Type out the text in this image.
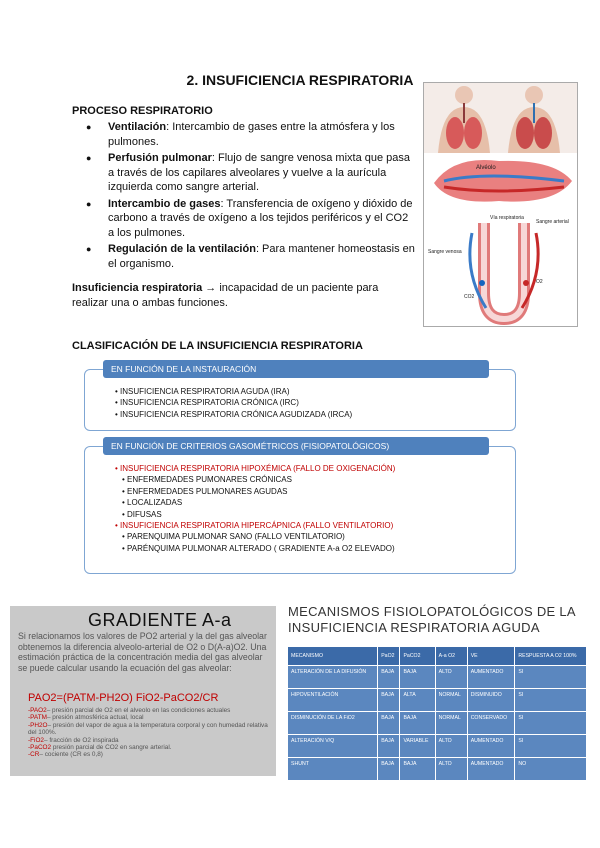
2. INSUFICIENCIA RESPIRATORIA
PROCESO RESPIRATORIO
● Ventilación: Intercambio de gases entre la atmósfera y los pulmones.
● Perfusión pulmonar: Flujo de sangre venosa mixta que pasa a través de los capilares alveolares y vuelve a la aurícula izquierda como sangre arterial.
● Intercambio de gases: Transferencia de oxígeno y dióxido de carbono a través de oxígeno a los tejidos periféricos y el CO2 a los pulmones.
● Regulación de la ventilación: Para mantener homeostasis en el organismo.
Insuficiencia respiratoria → incapacidad de un paciente para realizar una o ambas funciones.
Alvéolo
Vía respiratoria
Sangre venosa
Sangre arterial
O2
CO2
CLASIFICACIÓN DE LA INSUFICIENCIA RESPIRATORIA
EN FUNCIÓN DE LA INSTAURACIÓN
• INSUFICIENCIA RESPIRATORIA AGUDA (IRA)
• INSUFICIENCIA RESPIRATORIA CRÓNICA (IRC)
• INSUFICIENCIA RESPIRATORIA CRÓNICA AGUDIZADA (IRCA)
EN FUNCIÓN DE CRITERIOS GASOMÉTRICOS (FISIOPATOLÓGICOS)
• INSUFICIENCIA RESPIRATORIA HIPOXÉMICA (FALLO DE OXIGENACIÓN)
• ENFERMEDADES PUMONARES CRÓNICAS
• ENFERMEDADES PULMONARES AGUDAS
• LOCALIZADAS
• DIFUSAS
• INSUFICIENCIA RESPIRATORIA HIPERCÁPNICA (FALLO VENTILATORIO)
• PARENQUIMA PULMONAR SANO (FALLO VENTILATORIO)
• PARÉNQUIMA PULMONAR ALTERADO ( GRADIENTE A-a O2 ELEVADO)
GRADIENTE A-a
Si relacionamos los valores de PO2 arterial y la del gas alveolar obtenemos la diferencia alveolo-arterial de O2 o D(A-a)O2. Una estimación práctica de la concentración media del gas alveolar se puede calcular usando la ecuación del gas alveolar:
PAO2=(PATM-PH2O) FiO2-PaCO2/CR
-PAO2– presión parcial de O2 en el alveolo en las condiciones actuales
-PATM– presión atmosférica actual, local
-PH2O– presión del vapor de agua a la temperatura corporal y con humedad relativa del 100%.
-FiO2– fracción de O2 inspirada
-PaCO2 presión parcial de CO2 en sangre arterial.
-CR– cociente (CR es 0,8)
MECANISMOS FISIOLOPATOLÓGICOS DE LA INSUFICIENCIA RESPIRATORIA AGUDA
MECANISMO	PaO2	PaCO2	A-a O2	VE	RESPUESTA A O2 100%
ALTERACIÓN DE LA DIFUSIÓN	BAJA	BAJA	ALTO	AUMENTADO	SI
HIPOVENTILACIÓN	BAJA	ALTA	NORMAL	DISMINUIDO	SI
DISMINUCIÓN DE LA FiO2	BAJA	BAJA	NORMAL	CONSERVADO	SI
ALTERACIÓN V/Q	BAJA	VARIABLE	ALTO	AUMENTADO	SI
SHUNT	BAJA	BAJA	ALTO	AUMENTADO	NO
